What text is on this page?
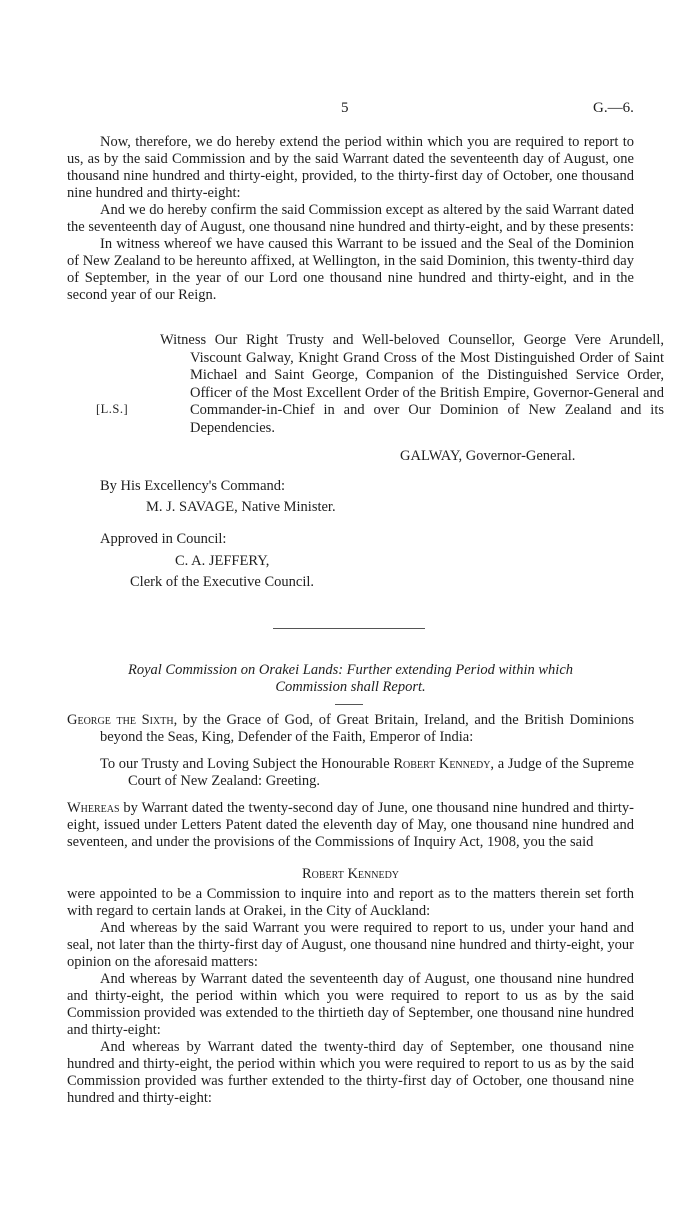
5	G.—6.

Now, therefore, we do hereby extend the period within which you are required to report to us, as by the said Commission and by the said Warrant dated the seventeenth day of August, one thousand nine hundred and thirty-eight, provided, to the thirty-first day of October, one thousand nine hundred and thirty-eight:

And we do hereby confirm the said Commission except as altered by the said Warrant dated the seventeenth day of August, one thousand nine hundred and thirty-eight, and by these presents:

In witness whereof we have caused this Warrant to be issued and the Seal of the Dominion of New Zealand to be hereunto affixed, at Wellington, in the said Dominion, this twenty-third day of September, in the year of our Lord one thousand nine hundred and thirty-eight, and in the second year of our Reign.

Witness Our Right Trusty and Well-beloved Counsellor, George Vere Arundell, Viscount Galway, Knight Grand Cross of the Most Distinguished Order of Saint Michael and Saint George, Companion of the Distinguished Service Order, Officer of the Most Excellent Order of the British Empire, Governor-General and Commander-in-Chief in and over Our Dominion of New Zealand and its Dependencies.
[L.S.]
GALWAY, Governor-General.
By His Excellency's Command:
M. J. SAVAGE, Native Minister.
Approved in Council:
C. A. JEFFERY,
Clerk of the Executive Council.
Royal Commission on Orakei Lands: Further extending Period within which
Commission shall Report.

George the Sixth, by the Grace of God, of Great Britain, Ireland, and the British Dominions beyond the Seas, King, Defender of the Faith, Emperor of India:

To our Trusty and Loving Subject the Honourable Robert Kennedy, a Judge of the Supreme Court of New Zealand: Greeting.

Whereas by Warrant dated the twenty-second day of June, one thousand nine hundred and thirty-eight, issued under Letters Patent dated the eleventh day of May, one thousand nine hundred and seventeen, and under the provisions of the Commissions of Inquiry Act, 1908, you the said

Robert Kennedy

were appointed to be a Commission to inquire into and report as to the matters therein set forth with regard to certain lands at Orakei, in the City of Auckland:

And whereas by the said Warrant you were required to report to us, under your hand and seal, not later than the thirty-first day of August, one thousand nine hundred and thirty-eight, your opinion on the aforesaid matters:

And whereas by Warrant dated the seventeenth day of August, one thousand nine hundred and thirty-eight, the period within which you were required to report to us as by the said Commission provided was extended to the thirtieth day of September, one thousand nine hundred and thirty-eight:

And whereas by Warrant dated the twenty-third day of September, one thousand nine hundred and thirty-eight, the period within which you were required to report to us as by the said Commission provided was further extended to the thirty-first day of October, one thousand nine hundred and thirty-eight:
